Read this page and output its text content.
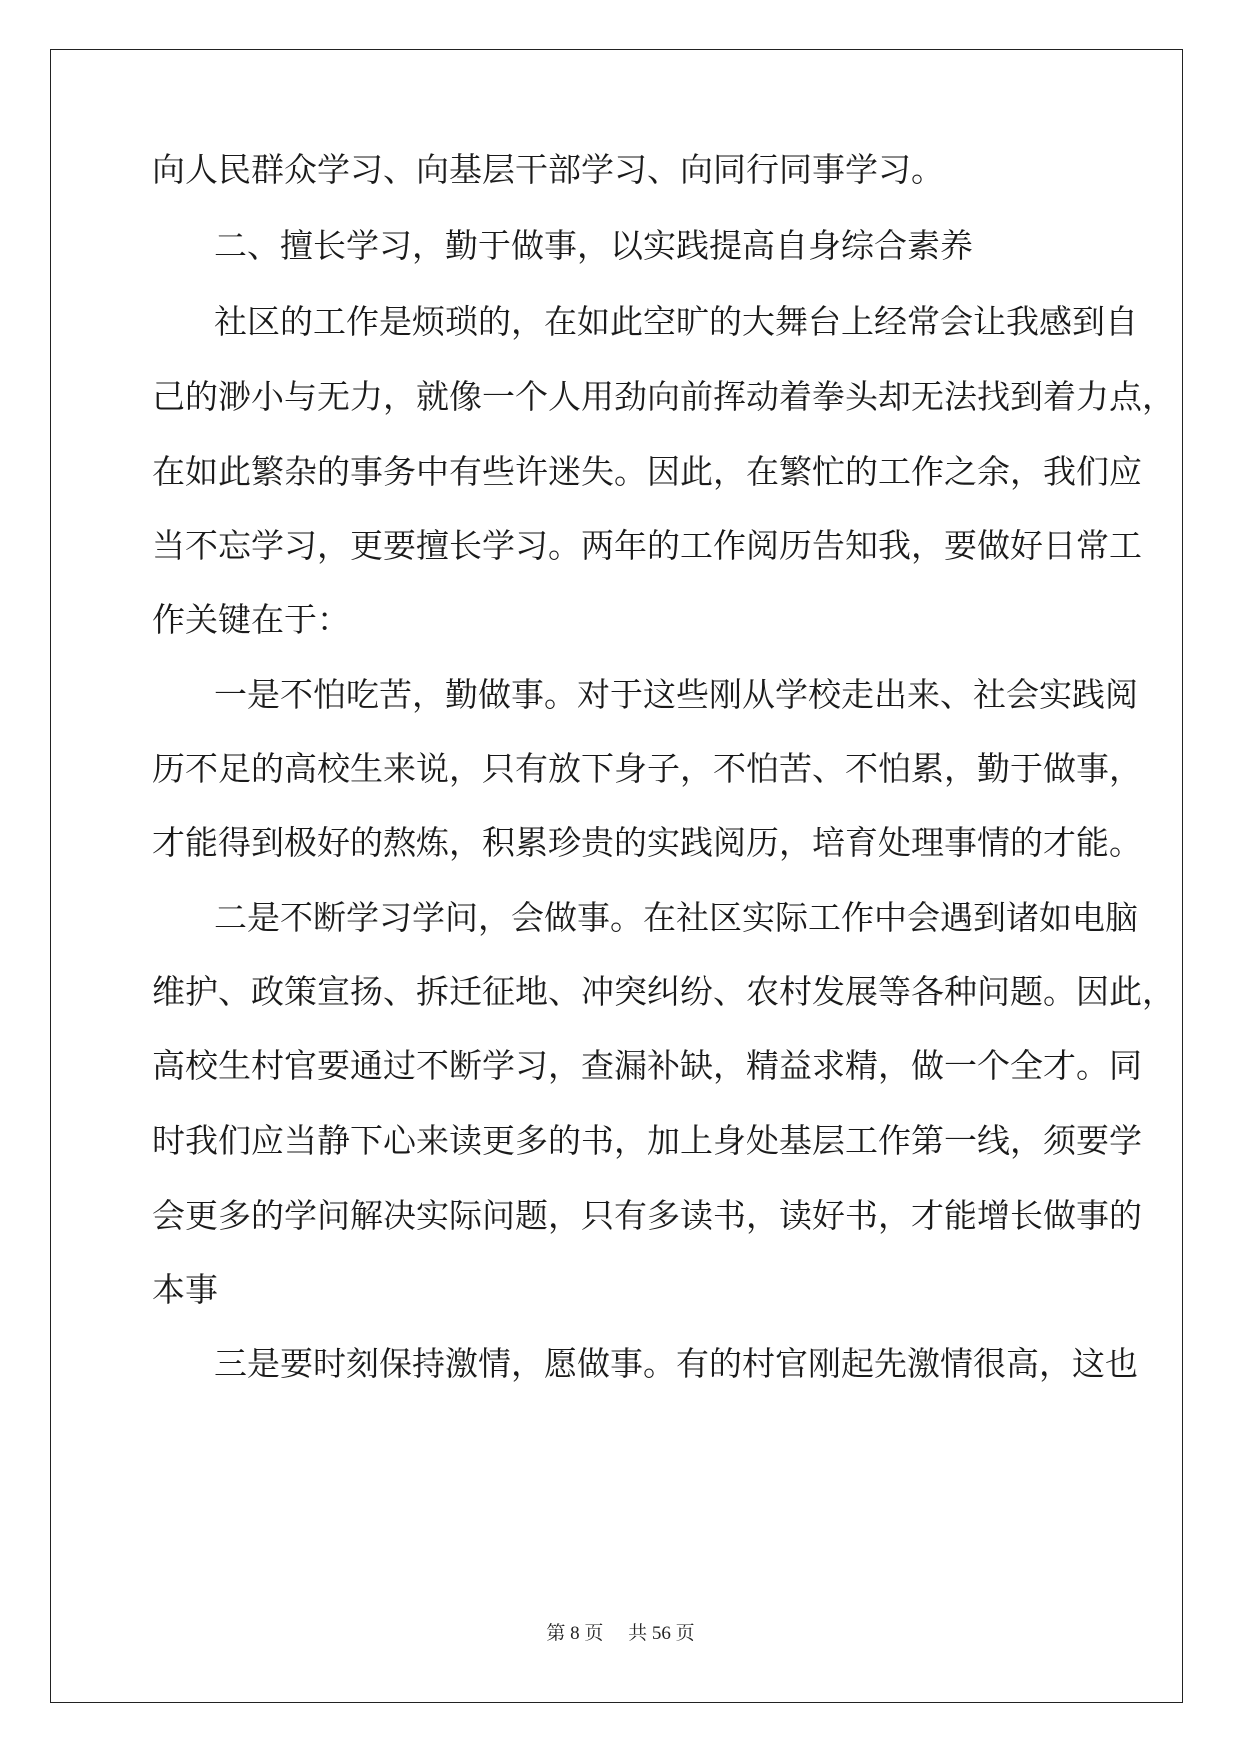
向人民群众学习、向基层干部学习、向同行同事学习。
二、擅长学习，勤于做事，以实践提高自身综合素养
社区的工作是烦琐的，在如此空旷的大舞台上经常会让我感到自
己的渺小与无力，就像一个人用劲向前挥动着拳头却无法找到着力点，
在如此繁杂的事务中有些许迷失。因此，在繁忙的工作之余，我们应
当不忘学习，更要擅长学习。两年的工作阅历告知我，要做好日常工
作关键在于：
一是不怕吃苦，勤做事。对于这些刚从学校走出来、社会实践阅
历不足的高校生来说，只有放下身子，不怕苦、不怕累，勤于做事，
才能得到极好的熬炼，积累珍贵的实践阅历，培育处理事情的才能。
二是不断学习学问，会做事。在社区实际工作中会遇到诸如电脑
维护、政策宣扬、拆迁征地、冲突纠纷、农村发展等各种问题。因此，
高校生村官要通过不断学习，查漏补缺，精益求精，做一个全才。同
时我们应当静下心来读更多的书，加上身处基层工作第一线，须要学
会更多的学问解决实际问题，只有多读书，读好书，才能增长做事的
本事
三是要时刻保持激情，愿做事。有的村官刚起先激情很高，这也
第 8 页 共 56 页
